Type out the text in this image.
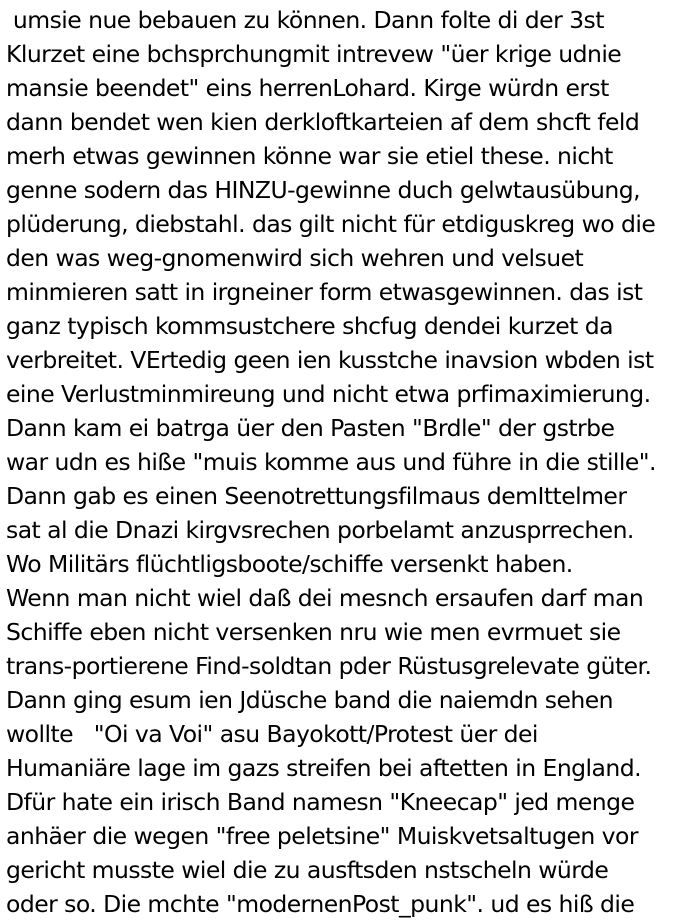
umsie nue bebauen zu können. Dann folte di der 3st
Klurzet eine bchsprchungmit intrevew "üer krige udnie
mansie beendet" eins herrenLohard. Kirge würdn erst
dann bendet wen kien derkloftkarteien af dem shcft feld
merh etwas gewinnen könne war sie etiel these. nicht
genne sodern das HINZU-gewinne duch gelwtausübung,
plüderung, diebstahl. das gilt nicht für etdiguskreg wo die
den was weg-gnomenwird sich wehren und velsuet
minmieren satt in irgneiner form etwasgewinnen. das ist
ganz typisch kommsustchere shcfug dendei kurzet da
verbreitet. VErtedig geen ien kusstche inavsion wbden ist
eine Verlustminmireung und nicht etwa prfimaximierung.
Dann kam ei batrga üer den Pasten "Brdle" der gstrbe
war udn es hiße "muis komme aus und führe in die stille".
Dann gab es einen Seenotrettungsfilmaus demIttelmer
sat al die Dnazi kirgvsrechen porbelamt anzusprrechen.
Wo Militärs flüchtligsboote/schiffe versenkt haben.
Wenn man nicht wiel daß dei mesnch ersaufen darf man
Schiffe eben nicht versenken nru wie men evrmuet sie
trans-portierene Find-soldtan pder Rüstusgrelevate güter.
Dann ging esum ien Jdüsche band die naiemdn sehen
wollte   "Oi va Voi" asu Bayokott/Protest üer dei
Humaniäre lage im gazs streifen bei aftetten in England.
Dfür hate ein irisch Band namesn "Kneecap" jed menge
anhäer die wegen "free peletsine" Muiskvetsaltugen vor
gericht musste wiel die zu ausftsden nstscheln würde
oder so. Die mchte "modernenPost_punk". ud es hiß die
